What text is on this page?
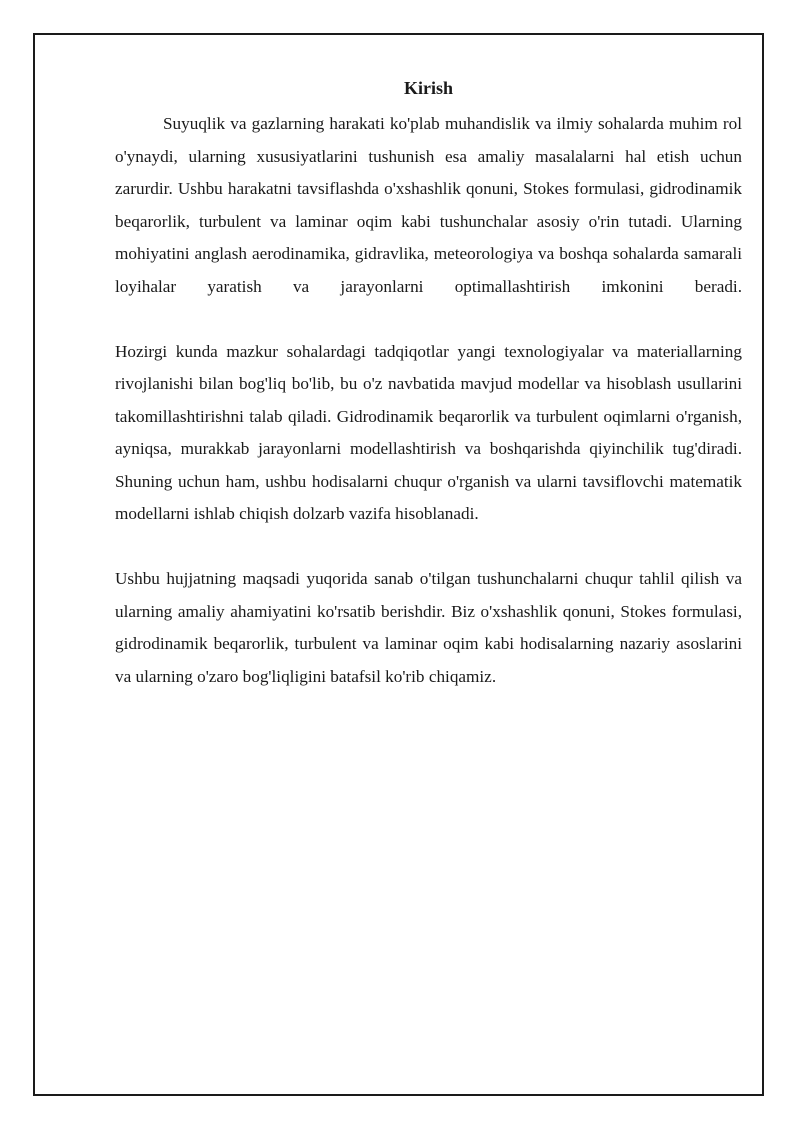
Kirish

Suyuqlik va gazlarning harakati ko'plab muhandislik va ilmiy sohalarda muhim rol o'ynaydi, ularning xususiyatlarini tushunish esa amaliy masalalarni hal etish uchun zarurdir. Ushbu harakatni tavsiflashda o'xshashlik qonuni, Stokes formulasi, gidrodinamik beqarorlik, turbulent va laminar oqim kabi tushunchalar asosiy o'rin tutadi. Ularning mohiyatini anglash aerodinamika, gidravlika, meteorologiya va boshqa sohalarda samarali loyihalar yaratish va jarayonlarni optimallashtirish imkonini beradi.

Hozirgi kunda mazkur sohalardagi tadqiqotlar yangi texnologiyalar va materiallarning rivojlanishi bilan bog'liq bo'lib, bu o'z navbatida mavjud modellar va hisoblash usullarini takomillashtirishni talab qiladi. Gidrodinamik beqarorlik va turbulent oqimlarni o'rganish, ayniqsa, murakkab jarayonlarni modellashtirish va boshqarishda qiyinchilik tug'diradi. Shuning uchun ham, ushbu hodisalarni chuqur o'rganish va ularni tavsiflovchi matematik modellarni ishlab chiqish dolzarb vazifa hisoblanadi.

Ushbu hujjatning maqsadi yuqorida sanab o'tilgan tushunchalarni chuqur tahlil qilish va ularning amaliy ahamiyatini ko'rsatib berishdir. Biz o'xshashlik qonuni, Stokes formulasi, gidrodinamik beqarorlik, turbulent va laminar oqim kabi hodisalarning nazariy asoslarini va ularning o'zaro bog'liqligini batafsil ko'rib chiqamiz.
